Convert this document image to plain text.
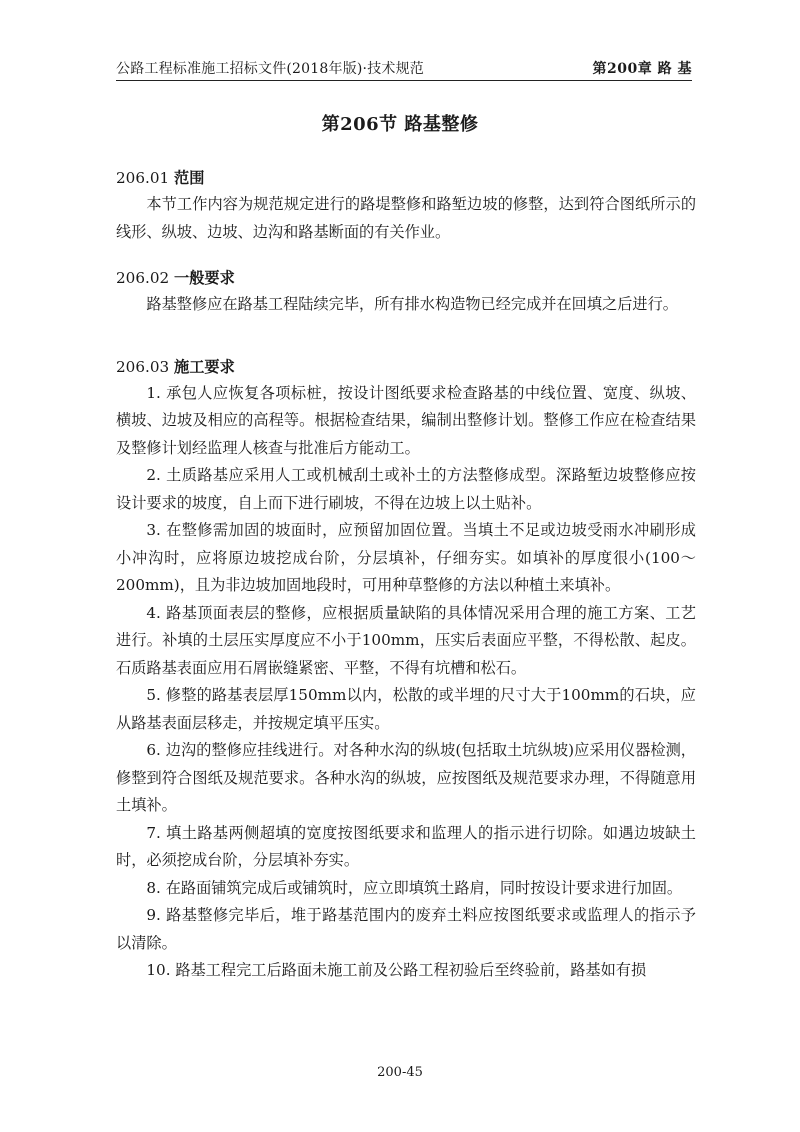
公路工程标准施工招标文件(2018年版)·技术规范	第200章 路 基
第206节 路基整修
206.01 范围

本节工作内容为规范规定进行的路堤整修和路堑边坡的修整，达到符合图纸所示的线形、纵坡、边坡、边沟和路基断面的有关作业。

206.02 一般要求

路基整修应在路基工程陆续完毕，所有排水构造物已经完成并在回填之后进行。

206.03 施工要求

1. 承包人应恢复各项标桩，按设计图纸要求检查路基的中线位置、宽度、纵坡、横坡、边坡及相应的高程等。根据检查结果，编制出整修计划。整修工作应在检查结果及整修计划经监理人核查与批准后方能动工。

2. 土质路基应采用人工或机械刮土或补土的方法整修成型。深路堑边坡整修应按设计要求的坡度，自上而下进行刷坡，不得在边坡上以土贴补。

3. 在整修需加固的坡面时，应预留加固位置。当填土不足或边坡受雨水冲刷形成小冲沟时，应将原边坡挖成台阶，分层填补，仔细夯实。如填补的厚度很小(100～200mm)，且为非边坡加固地段时，可用种草整修的方法以种植土来填补。

4. 路基顶面表层的整修，应根据质量缺陷的具体情况采用合理的施工方案、工艺进行。补填的土层压实厚度应不小于100mm，压实后表面应平整，不得松散、起皮。石质路基表面应用石屑嵌缝紧密、平整，不得有坑槽和松石。

5. 修整的路基表层厚150mm以内，松散的或半埋的尺寸大于100mm的石块，应从路基表面层移走，并按规定填平压实。

6. 边沟的整修应挂线进行。对各种水沟的纵坡(包括取土坑纵坡)应采用仪器检测，修整到符合图纸及规范要求。各种水沟的纵坡，应按图纸及规范要求办理，不得随意用土填补。

7. 填土路基两侧超填的宽度按图纸要求和监理人的指示进行切除。如遇边坡缺土时，必须挖成台阶，分层填补夯实。

8. 在路面铺筑完成后或铺筑时，应立即填筑土路肩，同时按设计要求进行加固。

9. 路基整修完毕后，堆于路基范围内的废弃土料应按图纸要求或监理人的指示予以清除。

10. 路基工程完工后路面未施工前及公路工程初验后至终验前，路基如有损

200-45
